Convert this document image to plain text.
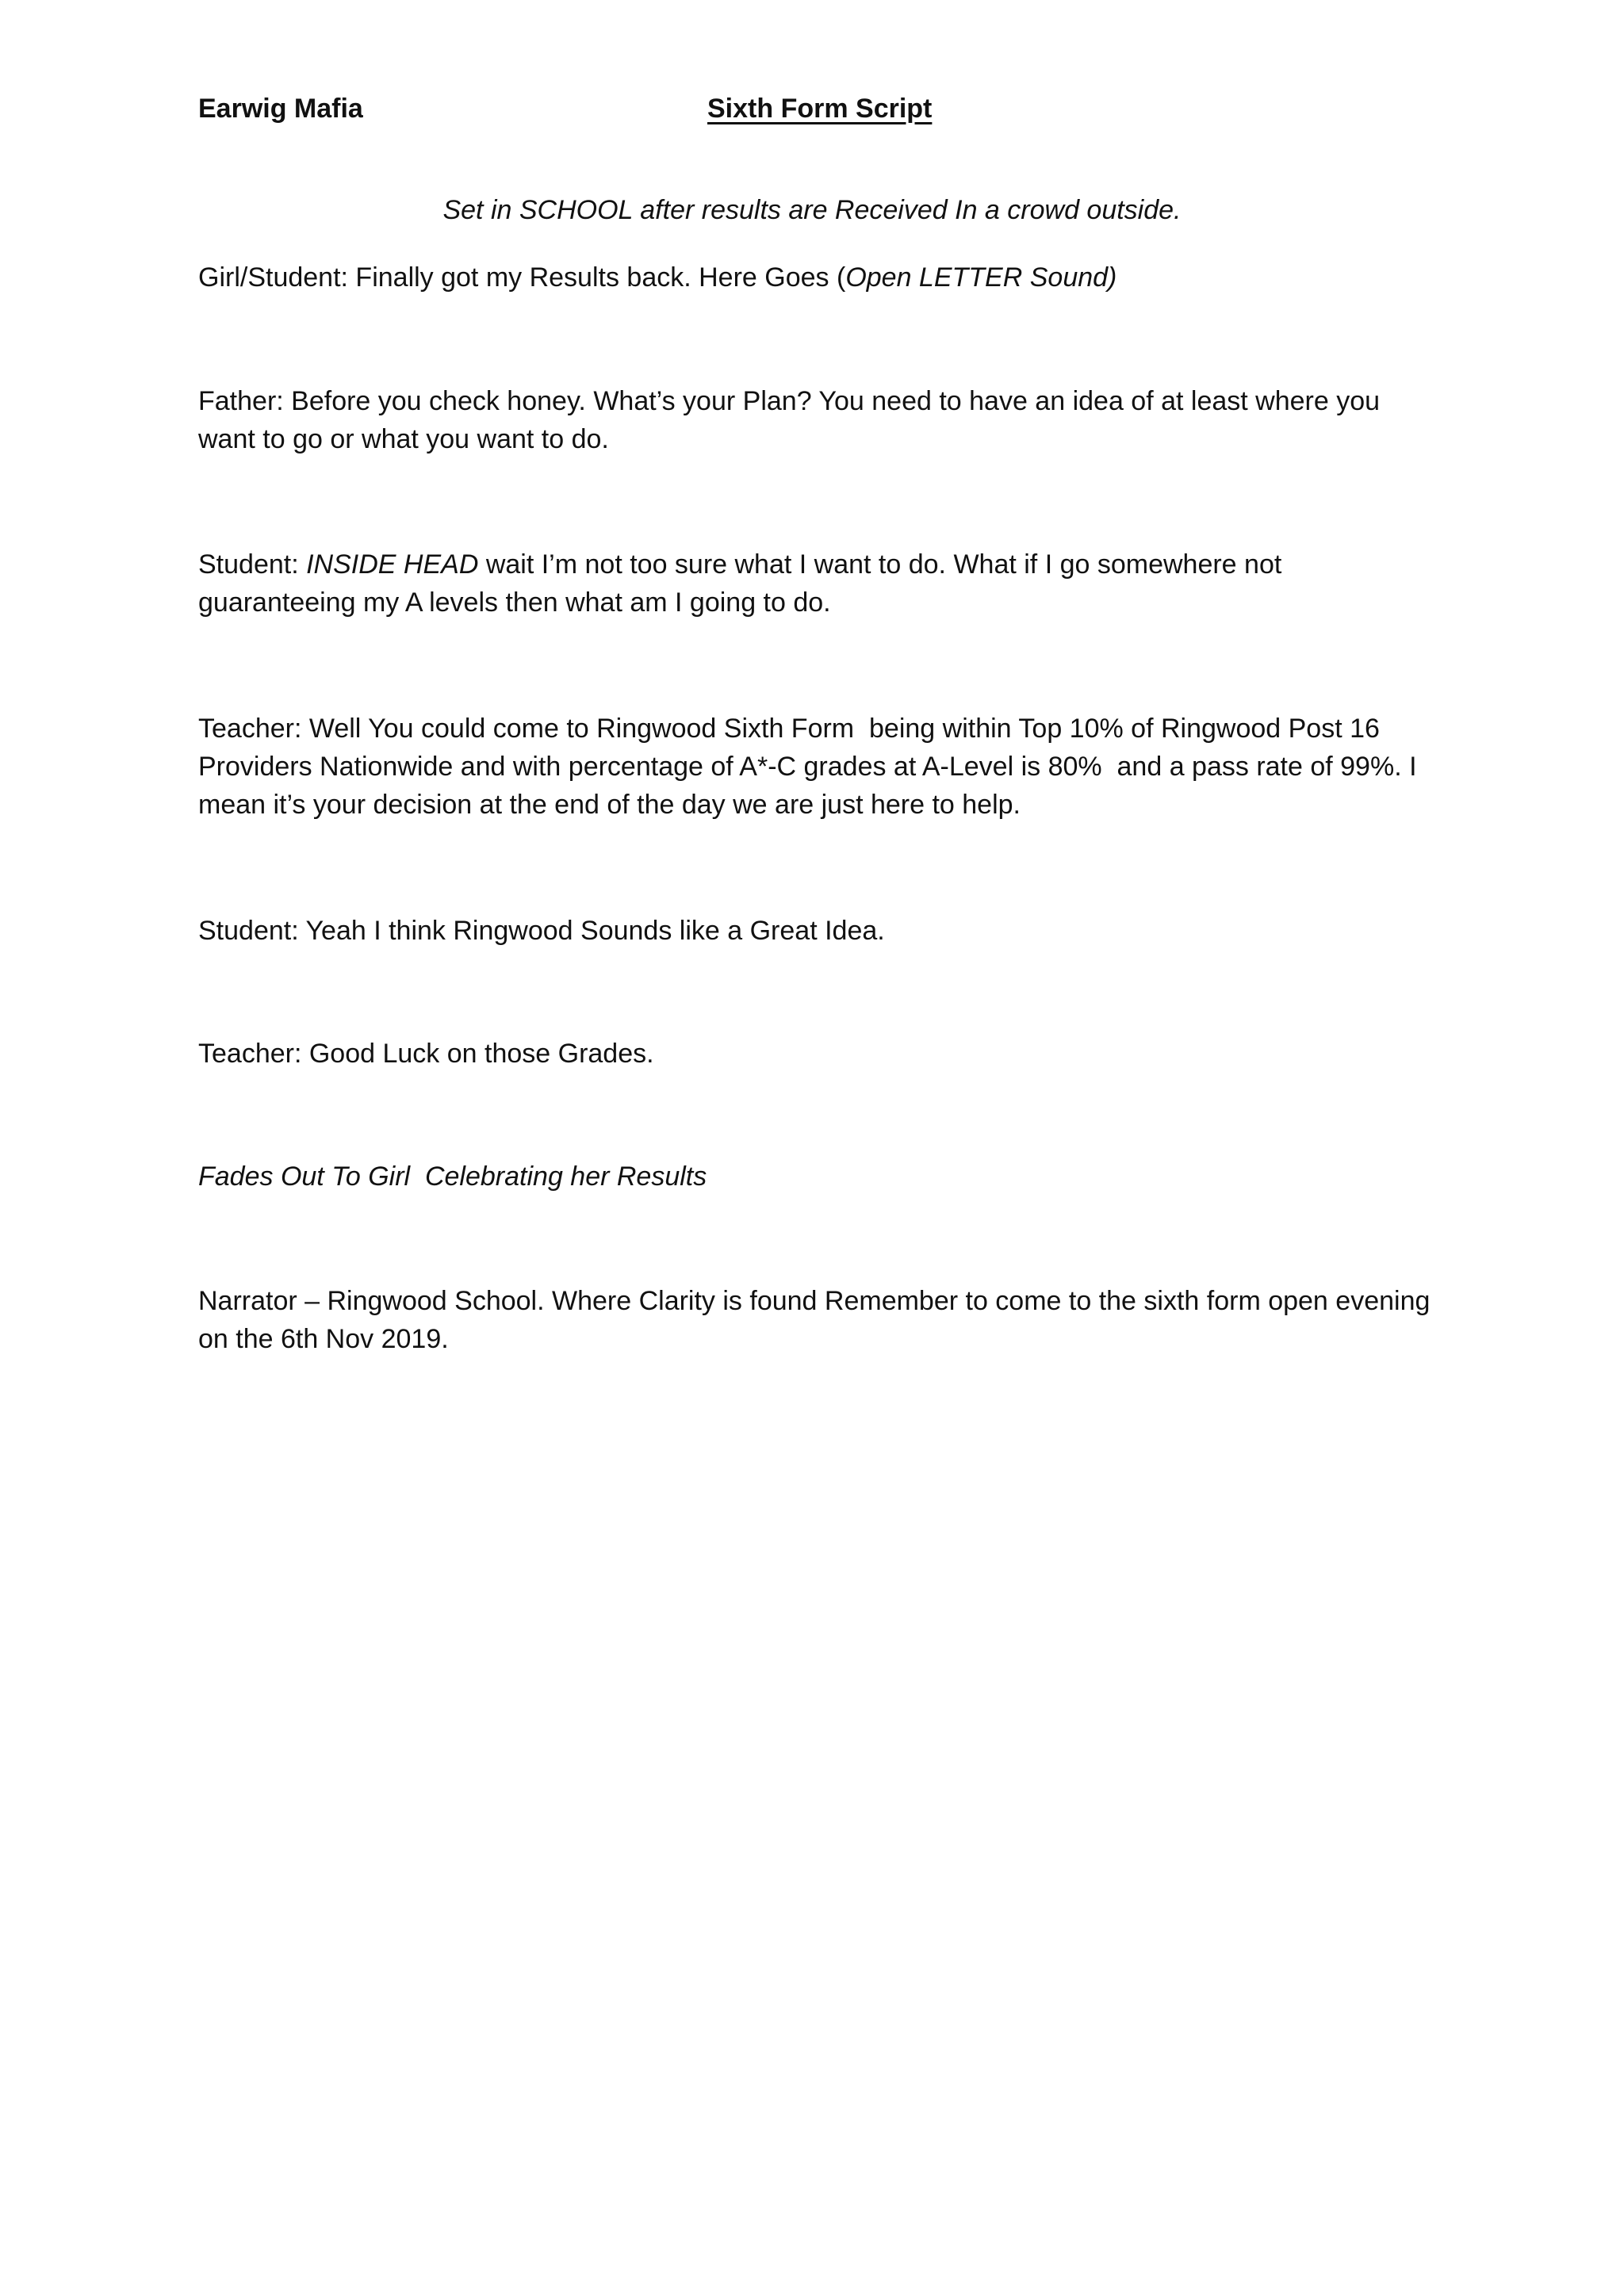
Earwig Mafia	Sixth Form Script
Set in SCHOOL after results are Received In a crowd outside.
Girl/Student: Finally got my Results back. Here Goes (Open LETTER Sound)
Father: Before you check honey. What’s your Plan? You need to have an idea of at least where you want to go or what you want to do.
Student: INSIDE HEAD wait I’m not too sure what I want to do. What if I go somewhere not guaranteeing my A levels then what am I going to do.
Teacher: Well You could come to Ringwood Sixth Form  being within Top 10% of Ringwood Post 16 Providers Nationwide and with percentage of A*-C grades at A-Level is 80%  and a pass rate of 99%. I mean it’s your decision at the end of the day we are just here to help.
Student: Yeah I think Ringwood Sounds like a Great Idea.
Teacher: Good Luck on those Grades.
Fades Out To Girl  Celebrating her Results
Narrator – Ringwood School. Where Clarity is found Remember to come to the sixth form open evening on the 6th Nov 2019.
